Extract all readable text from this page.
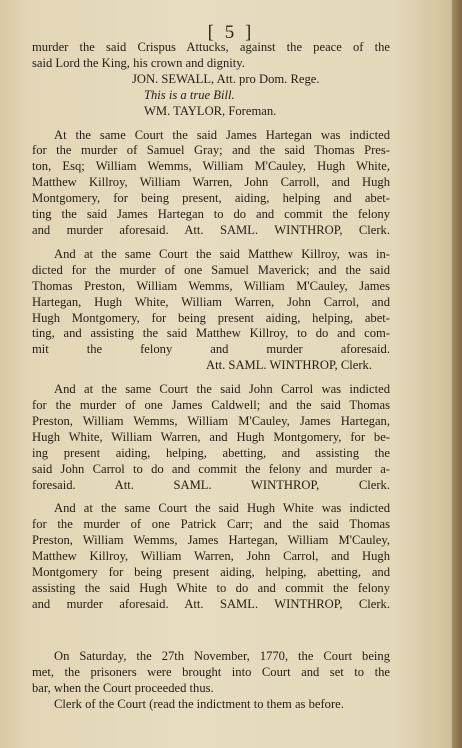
[ 5 ]

murder the said Crispus Attucks, against the peace of the

said Lord the King, his crown and dignity.

JON. SEWALL, Att. pro Dom. Rege.

This is a true Bill.

WM. TAYLOR, Foreman.

At the same Court the said James Hartegan was indicted

for the murder of Samuel Gray; and the said Thomas Pres-

ton, Esq; William Wemms, William M'Cauley, Hugh White,

Matthew Killroy, William Warren, John Carroll, and Hugh

Montgomery, for being present, aiding, helping and abet-

ting the said James Hartegan to do and commit the felony

and murder aforesaid. Att. SAML. WINTHROP, Clerk.

And at the same Court the said Matthew Killroy, was in-

dicted for the murder of one Samuel Maverick; and the said

Thomas Preston, William Wemms, William M'Cauley, James

Hartegan, Hugh White, William Warren, John Carrol, and

Hugh Montgomery, for being present aiding, helping, abet-

ting, and assisting the said Matthew Killroy, to do and com-

mit the felony and murder aforesaid.

Att. SAML. WINTHROP, Clerk.

And at the same Court the said John Carrol was indicted

for the murder of one James Caldwell; and the said Thomas

Preston, William Wemms, William M'Cauley, James Hartegan,

Hugh White, William Warren, and Hugh Montgomery, for be-

ing present aiding, helping, abetting, and assisting the

said John Carrol to do and commit the felony and murder a-

foresaid. Att. SAML. WINTHROP, Clerk.

And at the same Court the said Hugh White was indicted

for the murder of one Patrick Carr; and the said Thomas

Preston, William Wemms, James Hartegan, William M'Cauley,

Matthew Killroy, William Warren, John Carrol, and Hugh

Montgomery for being present aiding, helping, abetting, and

assisting the said Hugh White to do and commit the felony

and murder aforesaid. Att. SAML. WINTHROP, Clerk.

On Saturday, the 27th November, 1770, the Court being

met, the prisoners were brought into Court and set to the

bar, when the Court proceeded thus.

Clerk of the Court (read the indictment to them as before.
